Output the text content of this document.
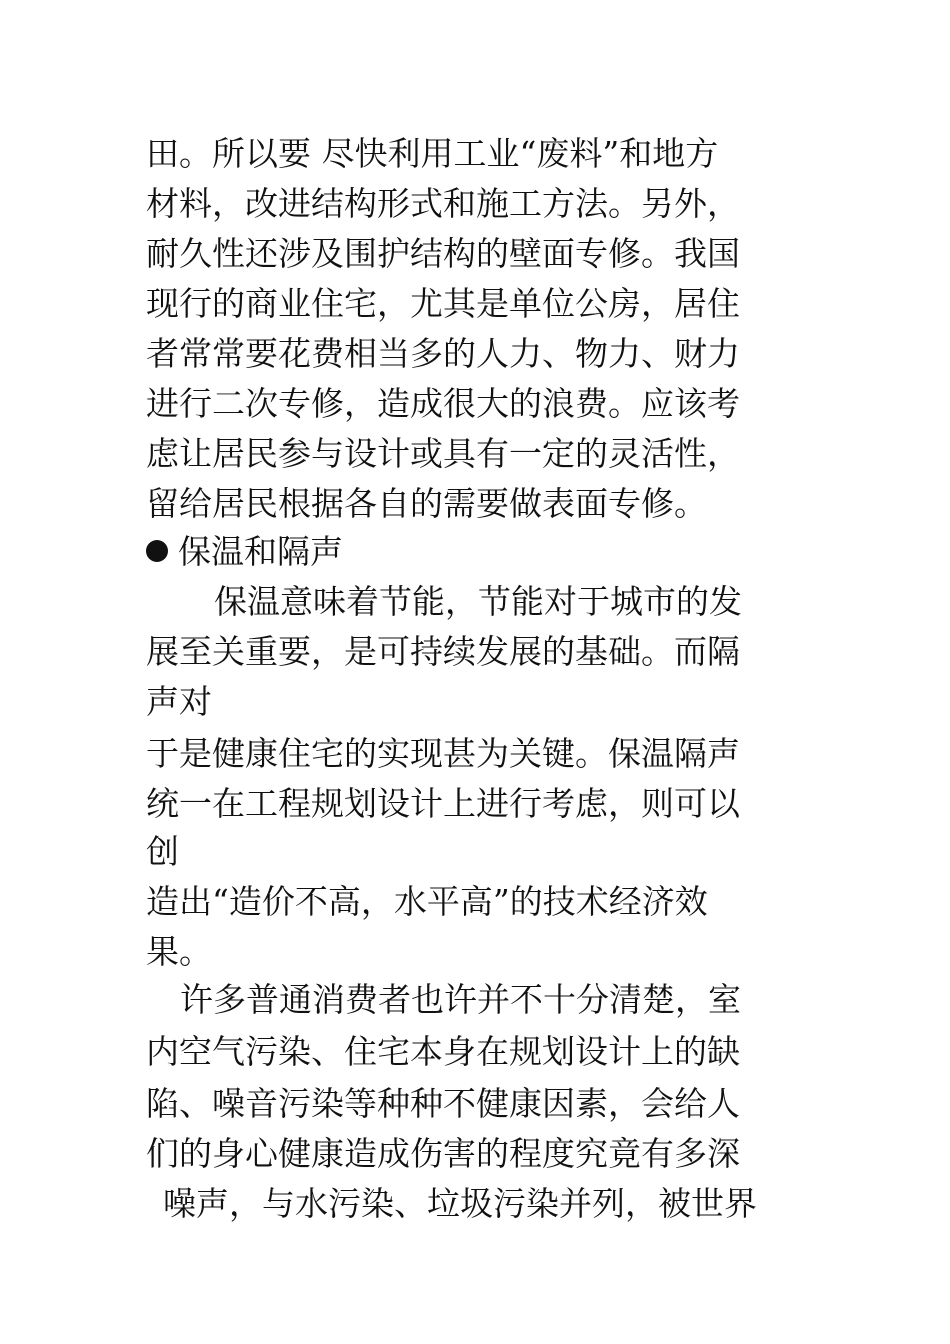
田。所以要 尽快利用工业“废料”和地方
材料，改进结构形式和施工方法。另外，
耐久性还涉及围护结构的壁面专修。我国
现行的商业住宅，尤其是单位公房，居住
者常常要花费相当多的人力、物力、财力
进行二次专修，造成很大的浪费。应该考
虑让居民参与设计或具有一定的灵活性，
留给居民根据各自的需要做表面专修。
保温和隔声
保温意味着节能，节能对于城市的发
展至关重要，是可持续发展的基础。而隔
声对
于是健康住宅的实现甚为关键。保温隔声
统一在工程规划设计上进行考虑，则可以
创
造出“造价不高，水平高”的技术经济效
果。
许多普通消费者也许并不十分清楚，室
内空气污染、住宅本身在规划设计上的缺
陷、噪音污染等种种不健康因素，会给人
们的身心健康造成伤害的程度究竟有多深
噪声，与水污染、垃圾污染并列，被世界
